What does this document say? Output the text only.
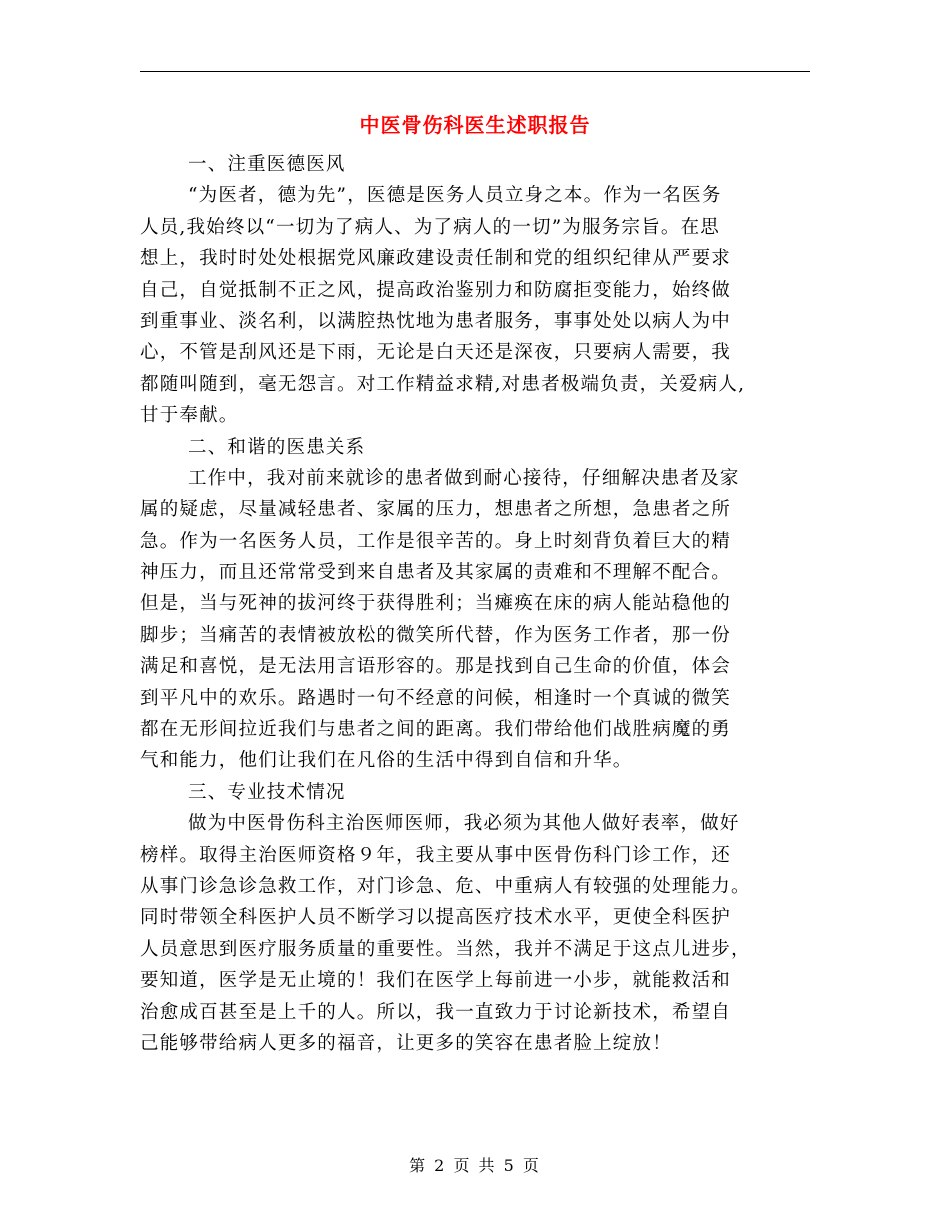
中医骨伤科医生述职报告
一、注重医德医风
“为医者，德为先”，医德是医务人员立身之本。作为一名医务
人员,我始终以“一切为了病人、为了病人的一切”为服务宗旨。在思
想上，我时时处处根据党风廉政建设责任制和党的组织纪律从严要求
自己，自觉抵制不正之风，提高政治鉴别力和防腐拒变能力，始终做
到重事业、淡名利，以满腔热忱地为患者服务，事事处处以病人为中
心，不管是刮风还是下雨，无论是白天还是深夜，只要病人需要，我
都随叫随到，毫无怨言。对工作精益求精,对患者极端负责，关爱病人,
甘于奉献。
二、和谐的医患关系
工作中，我对前来就诊的患者做到耐心接待，仔细解决患者及家
属的疑虑，尽量减轻患者、家属的压力，想患者之所想，急患者之所
急。作为一名医务人员，工作是很辛苦的。身上时刻背负着巨大的精
神压力，而且还常常受到来自患者及其家属的责难和不理解不配合。
但是，当与死神的拔河终于获得胜利；当瘫痪在床的病人能站稳他的
脚步；当痛苦的表情被放松的微笑所代替，作为医务工作者，那一份
满足和喜悦，是无法用言语形容的。那是找到自己生命的价值，体会
到平凡中的欢乐。路遇时一句不经意的问候，相逢时一个真诚的微笑
都在无形间拉近我们与患者之间的距离。我们带给他们战胜病魔的勇
气和能力，他们让我们在凡俗的生活中得到自信和升华。
三、专业技术情况
做为中医骨伤科主治医师医师，我必须为其他人做好表率，做好
榜样。取得主治医师资格９年，我主要从事中医骨伤科门诊工作，还
从事门诊急诊急救工作，对门诊急、危、中重病人有较强的处理能力。
同时带领全科医护人员不断学习以提高医疗技术水平，更使全科医护
人员意思到医疗服务质量的重要性。当然，我并不满足于这点儿进步，
要知道，医学是无止境的！我们在医学上每前进一小步，就能救活和
治愈成百甚至是上千的人。所以，我一直致力于讨论新技术，希望自
己能够带给病人更多的福音，让更多的笑容在患者脸上绽放！
第 2 页 共 5 页
